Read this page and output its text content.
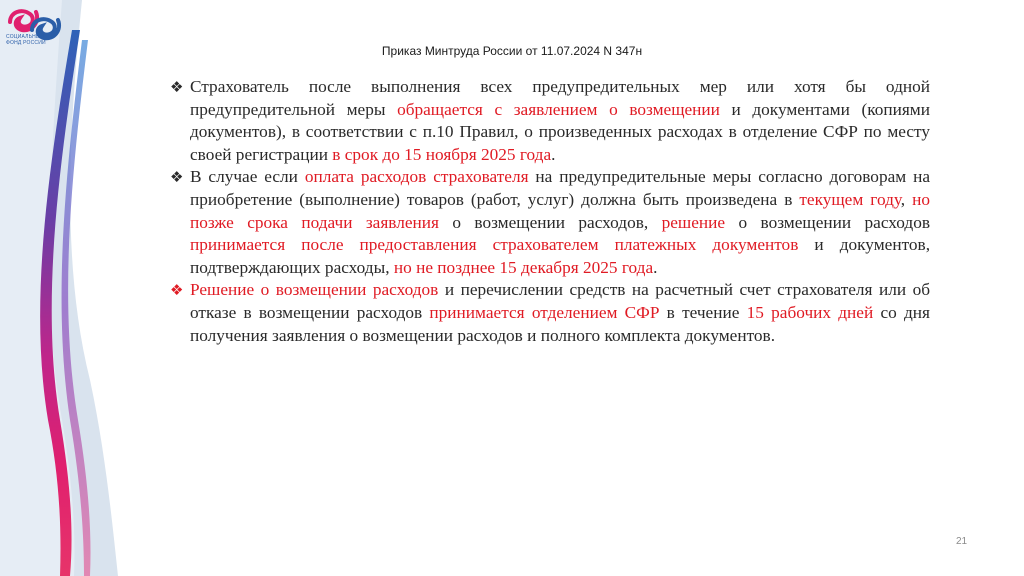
СОЦИАЛЬНЫЙ
ФОНД РОССИИ
Приказ Минтруда России от 11.07.2024 N 347н
❖ Страхователь после выполнения всех предупредительных мер или хотя бы одной предупредительной меры обращается с заявлением о возмещении и документами (копиями документов), в соответствии с п.10 Правил, о произведенных расходах в отделение СФР по месту своей регистрации в срок до 15 ноября 2025 года.
❖ В случае если оплата расходов страхователя на предупредительные меры согласно договорам на приобретение (выполнение) товаров (работ, услуг) должна быть произведена в текущем году, но позже срока подачи заявления о возмещении расходов, решение о возмещении расходов принимается после предоставления страхователем платежных документов и документов, подтверждающих расходы, но не позднее 15 декабря 2025 года.
❖ Решение о возмещении расходов и перечислении средств на расчетный счет страхователя или об отказе в возмещении расходов принимается отделением СФР в течение 15 рабочих дней со дня получения заявления о возмещении расходов и полного комплекта документов.
21
